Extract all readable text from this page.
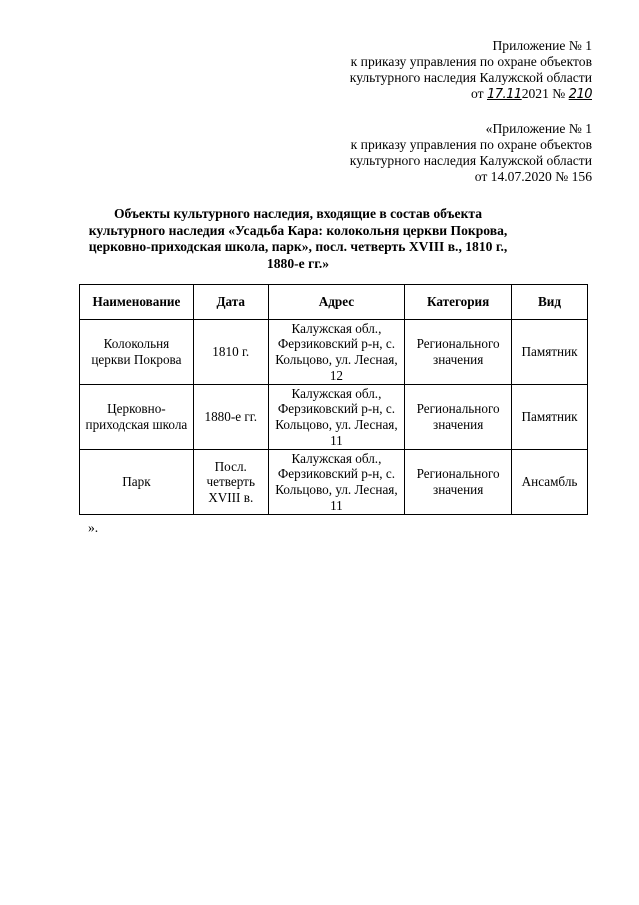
Приложение № 1
к приказу управления по охране объектов
культурного наследия Калужской области
от 17.112021 № 210
«Приложение № 1
к приказу управления по охране объектов
культурного наследия Калужской области
от 14.07.2020 № 156
Объекты культурного наследия, входящие в состав объекта культурного наследия «Усадьба Кара: колокольня церкви Покрова, церковно-приходская школа, парк», посл. четверть XVIII в., 1810 г., 1880-е гг.»
Наименование	Дата	Адрес	Категория	Вид
Колокольня церкви Покрова	1810 г.	Калужская обл., Ферзиковский р-н, с. Кольцово, ул. Лесная, 12	Регионального значения	Памятник
Церковно-приходская школа	1880-е гг.	Калужская обл., Ферзиковский р-н, с. Кольцово, ул. Лесная, 11	Регионального значения	Памятник
Парк	Посл. четверть XVIII в.	Калужская обл., Ферзиковский р-н, с. Кольцово, ул. Лесная, 11	Регионального значения	Ансамбль
».
